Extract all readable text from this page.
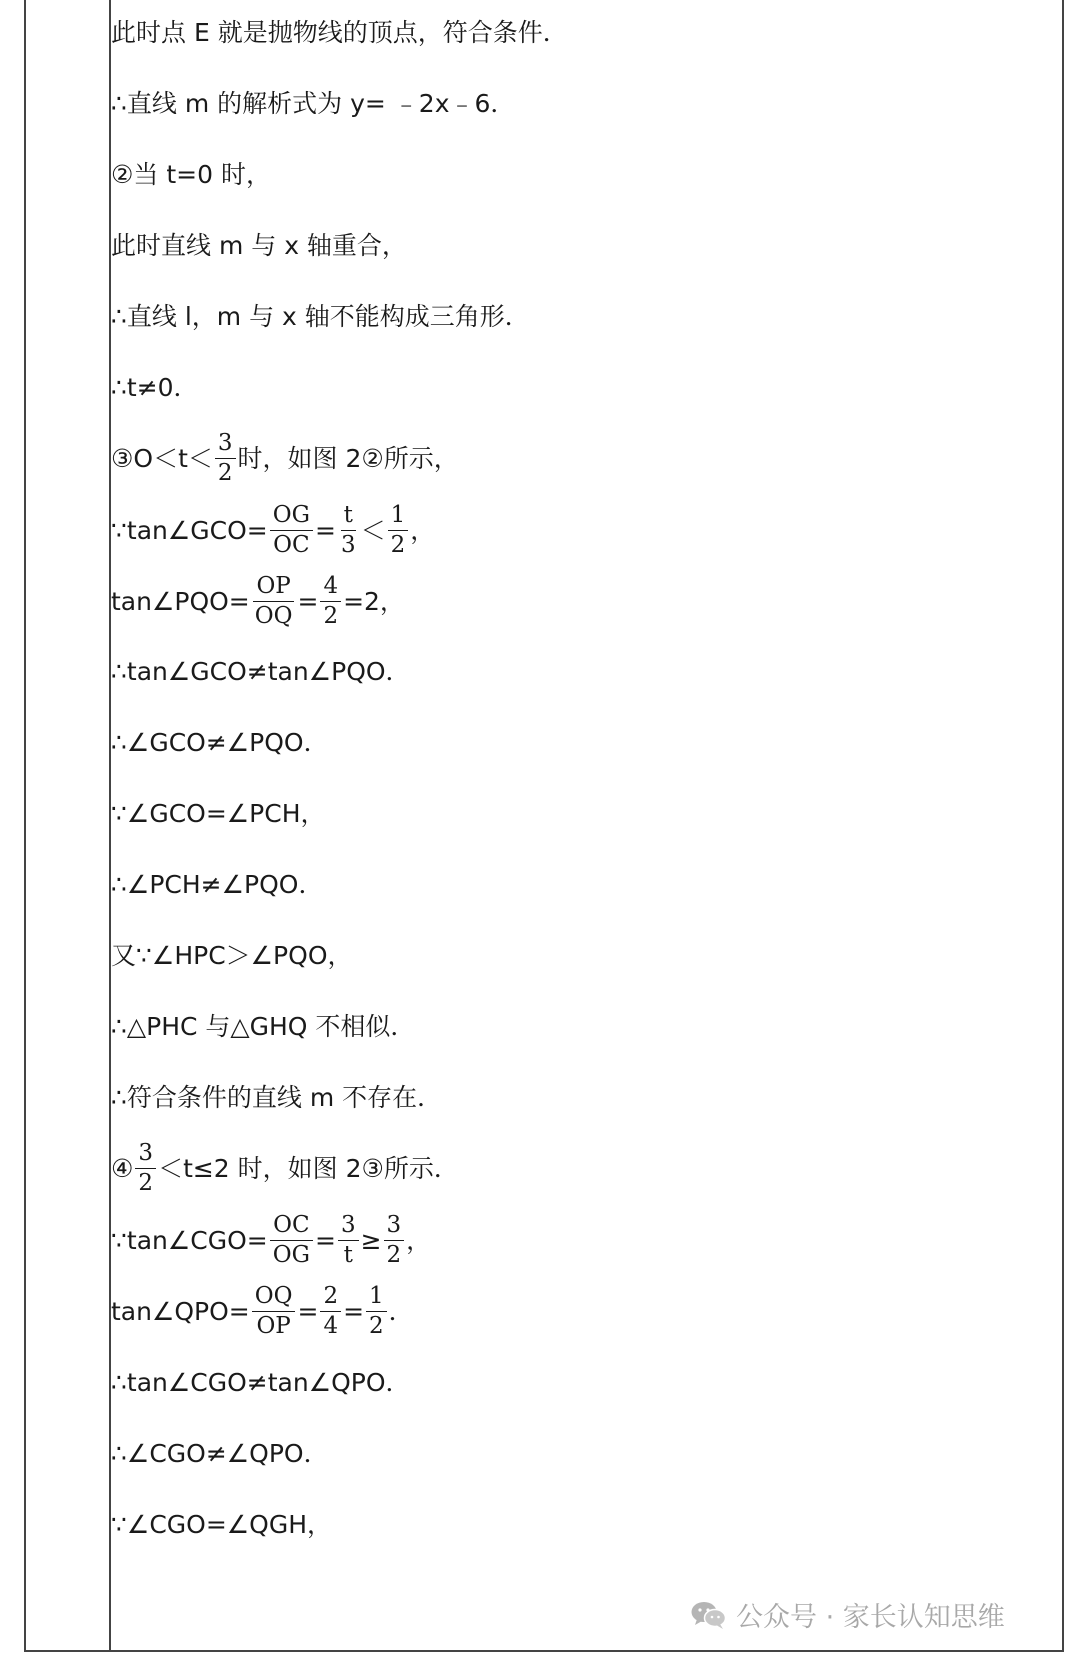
此时点 E 就是抛物线的顶点，符合条件．
∴直线 m 的解析式为 y= ﹣2x﹣6．
②当 t=0 时，
此时直线 m 与 x 轴重合，
∴直线 l，m 与 x 轴不能构成三角形．
∴t≠0．
③O＜t＜ $\frac{3}{2}$ 时，如图 2②所示，
∵tan∠GCO= $\frac{OG}{OC} = \frac{t}{3} < \frac{1}{2}$ ，
tan∠PQO= $\frac{OP}{OQ} = \frac{4}{2} =2$，
∴tan∠GCO≠tan∠PQO．
∴∠GCO≠∠PQO．
∵∠GCO=∠PCH，
∴∠PCH≠∠PQO．
又∵∠HPC＞∠PQO，
∴△PHC 与△GHQ 不相似．
∴符合条件的直线 m 不存在．
④ $\frac{3}{2} <t\le 2$ 时，如图 2③所示．
∵tan∠CGO= $\frac{OC}{OG} = \frac{3}{t} \ge \frac{3}{2}$ ，
tan∠QPO= $\frac{OQ}{OP} = \frac{2}{4} = \frac{1}{2}$ ．
∴tan∠CGO≠tan∠QPO．
∴∠CGO≠∠QPO．
∵∠CGO=∠QGH，
公众号 · 家长认知思维
